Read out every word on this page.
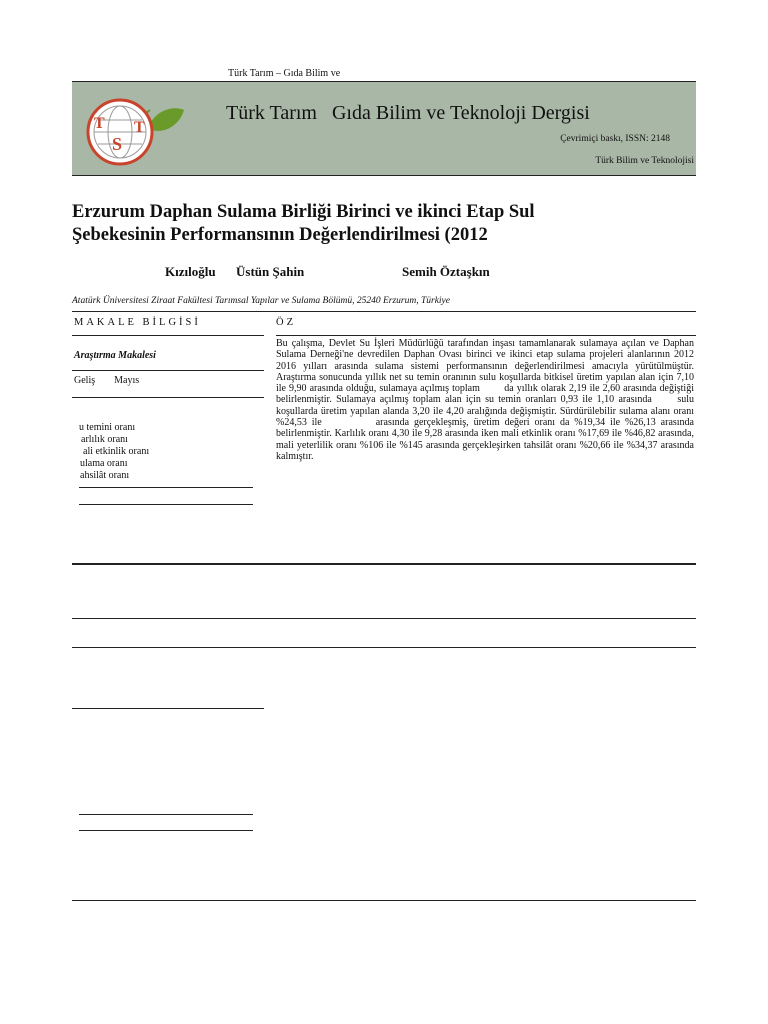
Türk Tarım – Gıda Bilim ve
T
S
T
Türk Tarım   Gıda Bilim ve Teknoloji Dergisi
Çevrimiçi baskı, ISSN: 2148
Türk Bilim ve Teknolojisi
Erzurum Daphan Sulama Birliği Birinci ve ikinci Etap Sul
Şebekesinin Performansının Değerlendirilmesi (2012
Kızıloğlu Üstün Şahin	Semih Öztaşkın
Atatürk Üniversitesi Ziraat Fakültesi Tarımsal Yapılar ve Sulama Bölümü, 25240 Erzurum, Türkiye
MAKALE BİLGİSİ	ÖZ
Araştırma Makalesi
Geliş Mayıs
u temini oranı
arlılık oranı
ali etkinlik oranı
ulama oranı
ahsilât oranı
Bu çalışma, Devlet Su İşleri Müdürlüğü tarafından inşası tamamlanarak sulamaya açılan ve Daphan Sulama Derneği'ne devredilen Daphan Ovası birinci ve ikinci etap sulama projeleri alanlarının 2012 2016 yılları arasında sulama sistemi performansının değerlendirilmesi amacıyla yürütülmüştür. Araştırma sonucunda yıllık net su temin oranının sulu koşullarda bitkisel üretim yapılan alan için 7,10 ile 9,90 arasında olduğu, sulamaya açılmış toplam        da yıllık olarak 2,19 ile 2,60 arasında değiştiği belirlenmiştir. Sulamaya açılmış toplam alan için su temin oranları 0,93 ile 1,10 arasında      sulu koşullarda üretim yapılan alanda 3,20 ile 4,20 aralığında değişmiştir. Sürdürülebilir sulama alanı oranı %24,53 ile           arasında gerçekleşmiş, üretim değeri oranı da %19,34 ile %26,13 arasında belirlenmiştir. Karlılık oranı 4,30 ile 9,28 arasında iken mali etkinlik oranı %17,69 ile %46,82 arasında, mali yeterlilik oranı %106 ile %145 arasında gerçekleşirken tahsilât oranı %20,66 ile %34,37 arasında kalmıştır.
